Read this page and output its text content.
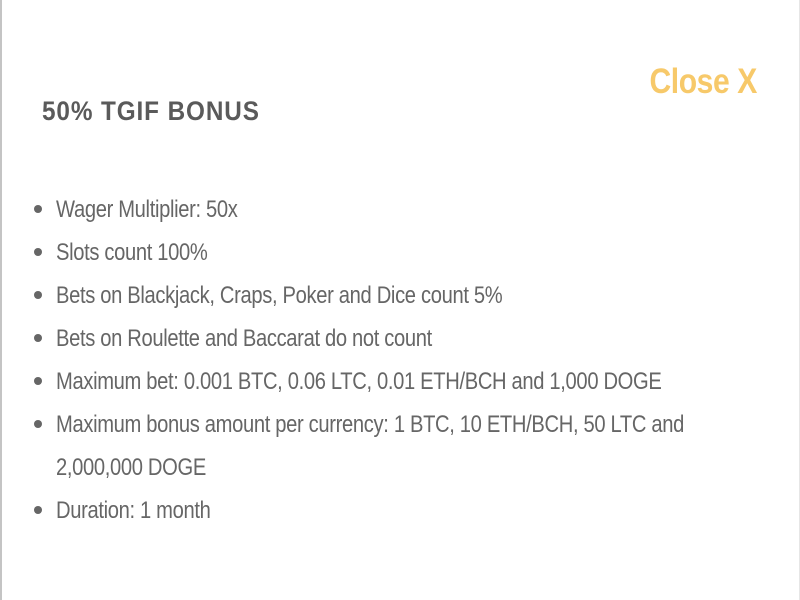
Close X
50% TGIF BONUS
Wager Multiplier: 50x
Slots count 100%
Bets on Blackjack, Craps, Poker and Dice count 5%
Bets on Roulette and Baccarat do not count
Maximum bet: 0.001 BTC, 0.06 LTC, 0.01 ETH/BCH and 1,000 DOGE
Maximum bonus amount per currency: 1 BTC, 10 ETH/BCH, 50 LTC and 2,000,000 DOGE
Duration: 1 month
